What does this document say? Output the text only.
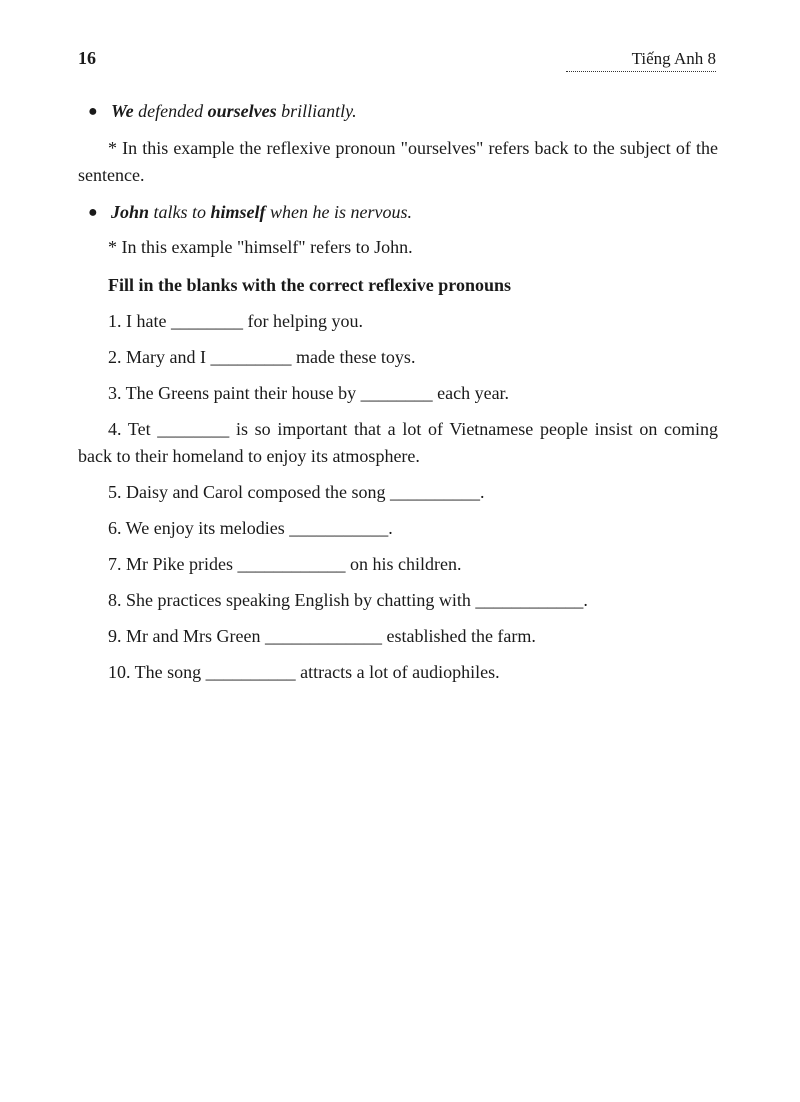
16	Tiếng Anh 8

● We defended ourselves brilliantly.

* In this example the reflexive pronoun "ourselves" refers back to the subject of the sentence.

● John talks to himself when he is nervous.

* In this example "himself" refers to John.

Fill in the blanks with the correct reflexive pronouns

1. I hate ________ for helping you.

2. Mary and I _________ made these toys.

3. The Greens paint their house by ________ each year.

4. Tet ________ is so important that a lot of Vietnamese people insist on coming back to their homeland to enjoy its atmosphere.

5. Daisy and Carol composed the song __________.

6. We enjoy its melodies ___________.

7. Mr Pike prides ____________ on his children.

8. She practices speaking English by chatting with ____________.

9. Mr and Mrs Green _____________ established the farm.

10. The song __________ attracts a lot of audiophiles.
